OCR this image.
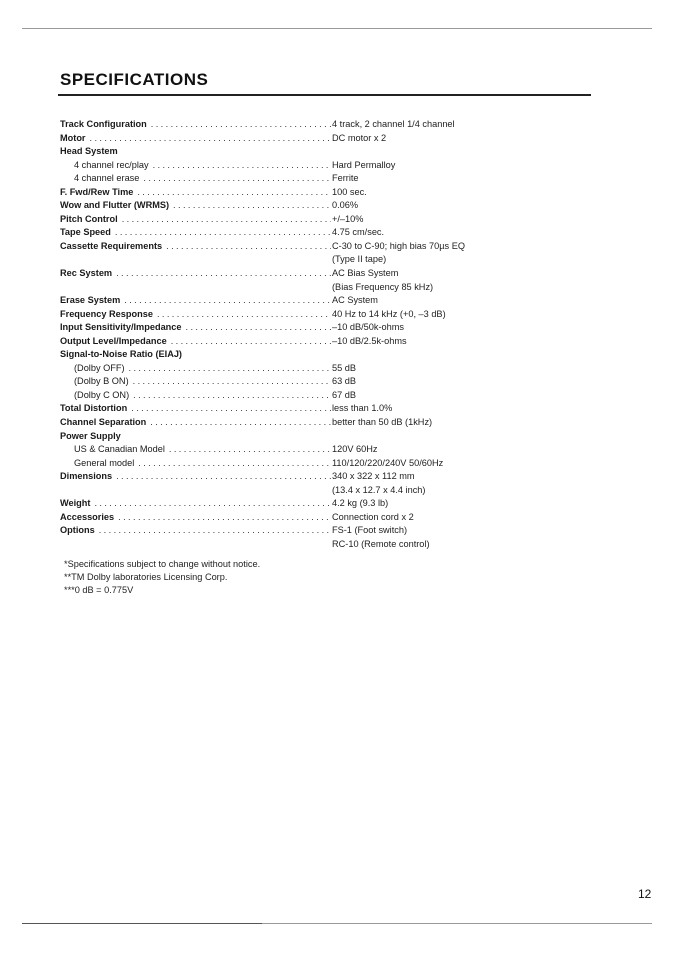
SPECIFICATIONS
Track Configuration .....	4 track, 2 channel 1/4 channel
Motor .....	DC motor x 2
Head System
4 channel rec/play .....	Hard Permalloy
4 channel erase .....	Ferrite
F. Fwd/Rew Time .....	100 sec.
Wow and Flutter (WRMS) .....	0.06%
Pitch Control .....	+/–10%
Tape Speed .....	4.75 cm/sec.
Cassette Requirements .....	C-30 to C-90; high bias 70µs EQ
(Type II tape)
Rec System .....	AC Bias System
(Bias Frequency 85 kHz)
Erase System .....	AC System
Frequency Response .....	40 Hz to 14 kHz (+0, –3 dB)
Input Sensitivity/Impedance .....	–10 dB/50k-ohms
Output Level/Impedance .....	–10 dB/2.5k-ohms
Signal-to-Noise Ratio (EIAJ)
(Dolby OFF) .....	55 dB
(Dolby B ON) .....	63 dB
(Dolby C ON) .....	67 dB
Total Distortion .....	less than 1.0%
Channel Separation .....	better than 50 dB (1kHz)
Power Supply
US & Canadian Model .....	120V 60Hz
General model .....	110/120/220/240V 50/60Hz
Dimensions .....	340 x 322 x 112 mm
(13.4 x 12.7 x 4.4 inch)
Weight .....	4.2 kg (9.3 lb)
Accessories .....	Connection cord x 2
Options .....	FS-1 (Foot switch)
RC-10 (Remote control)
*Specifications subject to change without notice.
**TM Dolby laboratories Licensing Corp.
***0 dB = 0.775V
12
